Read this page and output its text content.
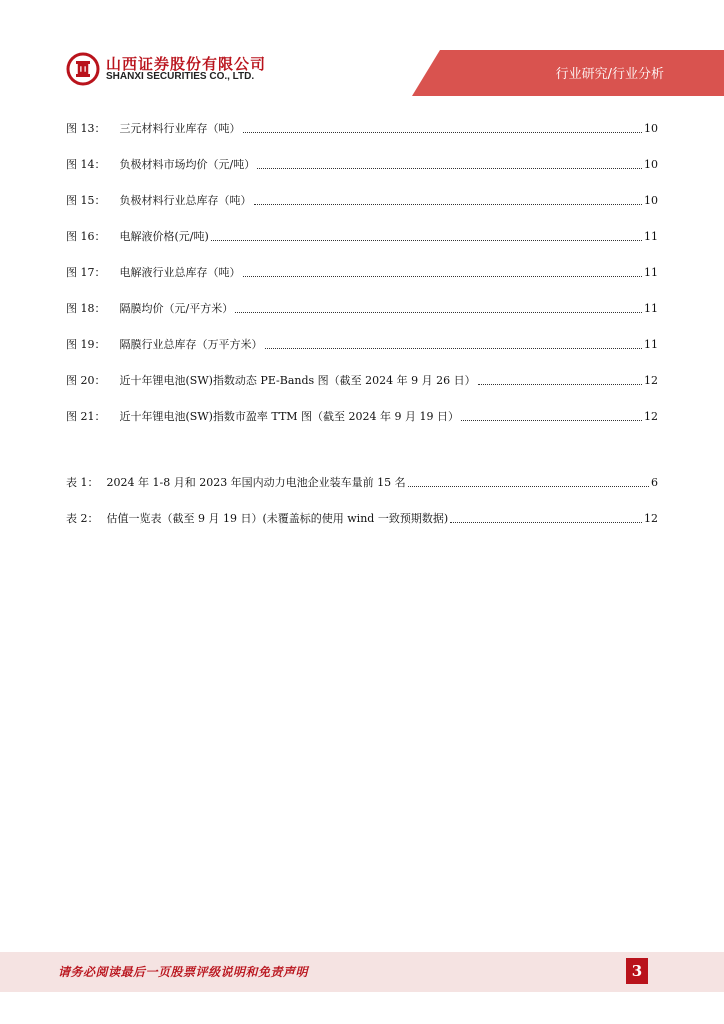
山西证券股份有限公司
SHANXI SECURITIES CO., LTD.	行业研究/行业分析
图 13： 三元材料行业库存（吨）	10
图 14： 负极材料市场均价（元/吨）	10
图 15： 负极材料行业总库存（吨）	10
图 16： 电解液价格(元/吨)	11
图 17： 电解液行业总库存（吨）	11
图 18： 隔膜均价（元/平方米）	11
图 19： 隔膜行业总库存（万平方米）	11
图 20： 近十年锂电池(SW)指数动态 PE-Bands 图（截至 2024 年 9 月 26 日）	12
图 21： 近十年锂电池(SW)指数市盈率 TTM 图（截至 2024 年 9 月 19 日）	12
表 1： 2024 年 1-8 月和 2023 年国内动力电池企业装车量前 15 名	6
表 2： 估值一览表（截至 9 月 19 日）(未覆盖标的使用 wind 一致预期数据)	12
请务必阅读最后一页股票评级说明和免责声明	3
